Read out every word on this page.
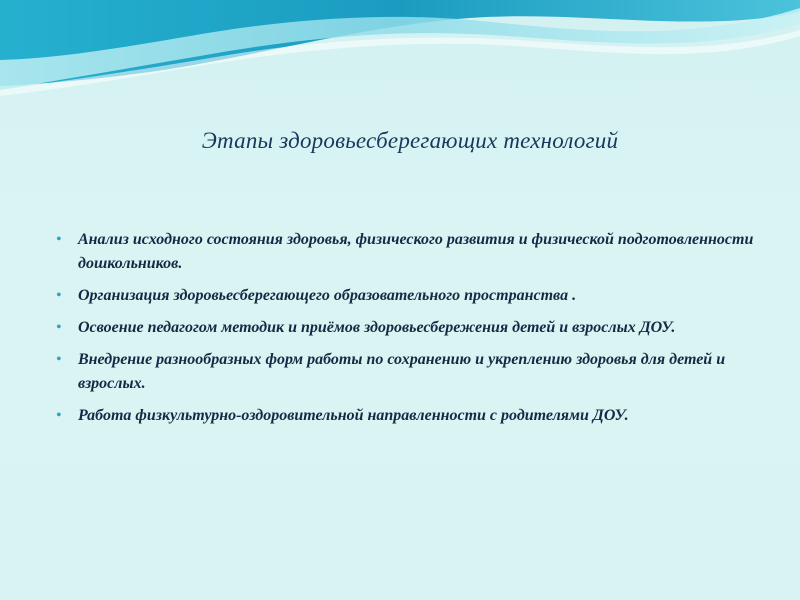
Этапы здоровьесберегающих технологий
• Анализ исходного состояния здоровья, физического развития и физической подготовленности дошкольников.
• Организация здоровьесберегающего образовательного пространства .
• Освоение педагогом методик и приёмов здоровьесбережения детей и взрослых ДОУ.
• Внедрение разнообразных форм работы по сохранению и укреплению здоровья для детей и взрослых.
• Работа физкультурно-оздоровительной направленности с родителями ДОУ.
